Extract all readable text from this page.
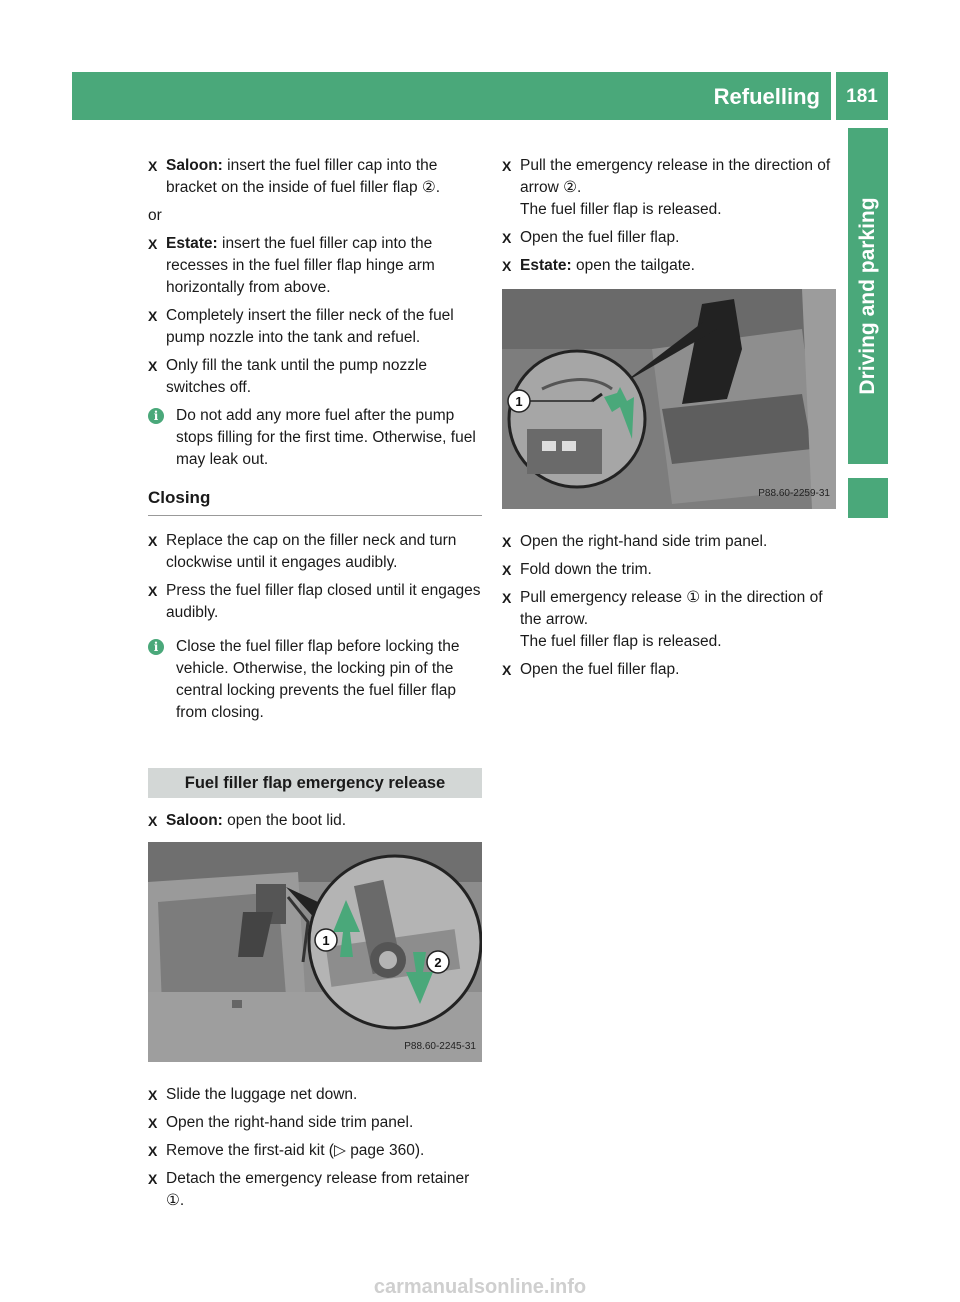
Refuelling	181
Driving and parking
X Saloon: insert the fuel filler cap into the bracket on the inside of fuel filler flap ②.
or
X Estate: insert the fuel filler cap into the recesses in the fuel filler flap hinge arm horizontally from above.
X Completely insert the filler neck of the fuel pump nozzle into the tank and refuel.
X Only fill the tank until the pump nozzle switches off.
i	Do not add any more fuel after the pump stops filling for the first time. Otherwise, fuel may leak out.
Closing
X Replace the cap on the filler neck and turn clockwise until it engages audibly.
X Press the fuel filler flap closed until it engages audibly.
i	Close the fuel filler flap before locking the vehicle. Otherwise, the locking pin of the central locking prevents the fuel filler flap from closing.
Fuel filler flap emergency release
X Saloon: open the boot lid.
1
2
P88.60-2245-31
X Slide the luggage net down.
X Open the right-hand side trim panel.
X Remove the first-aid kit (▷ page 360).
X Detach the emergency release from retainer ①.
X Pull the emergency release in the direction of arrow ②.
The fuel filler flap is released.
X Open the fuel filler flap.
X Estate: open the tailgate.
1
P88.60-2259-31
X Open the right-hand side trim panel.
X Fold down the trim.
X Pull emergency release ① in the direction of the arrow.
The fuel filler flap is released.
X Open the fuel filler flap.
carmanualsonline.info
